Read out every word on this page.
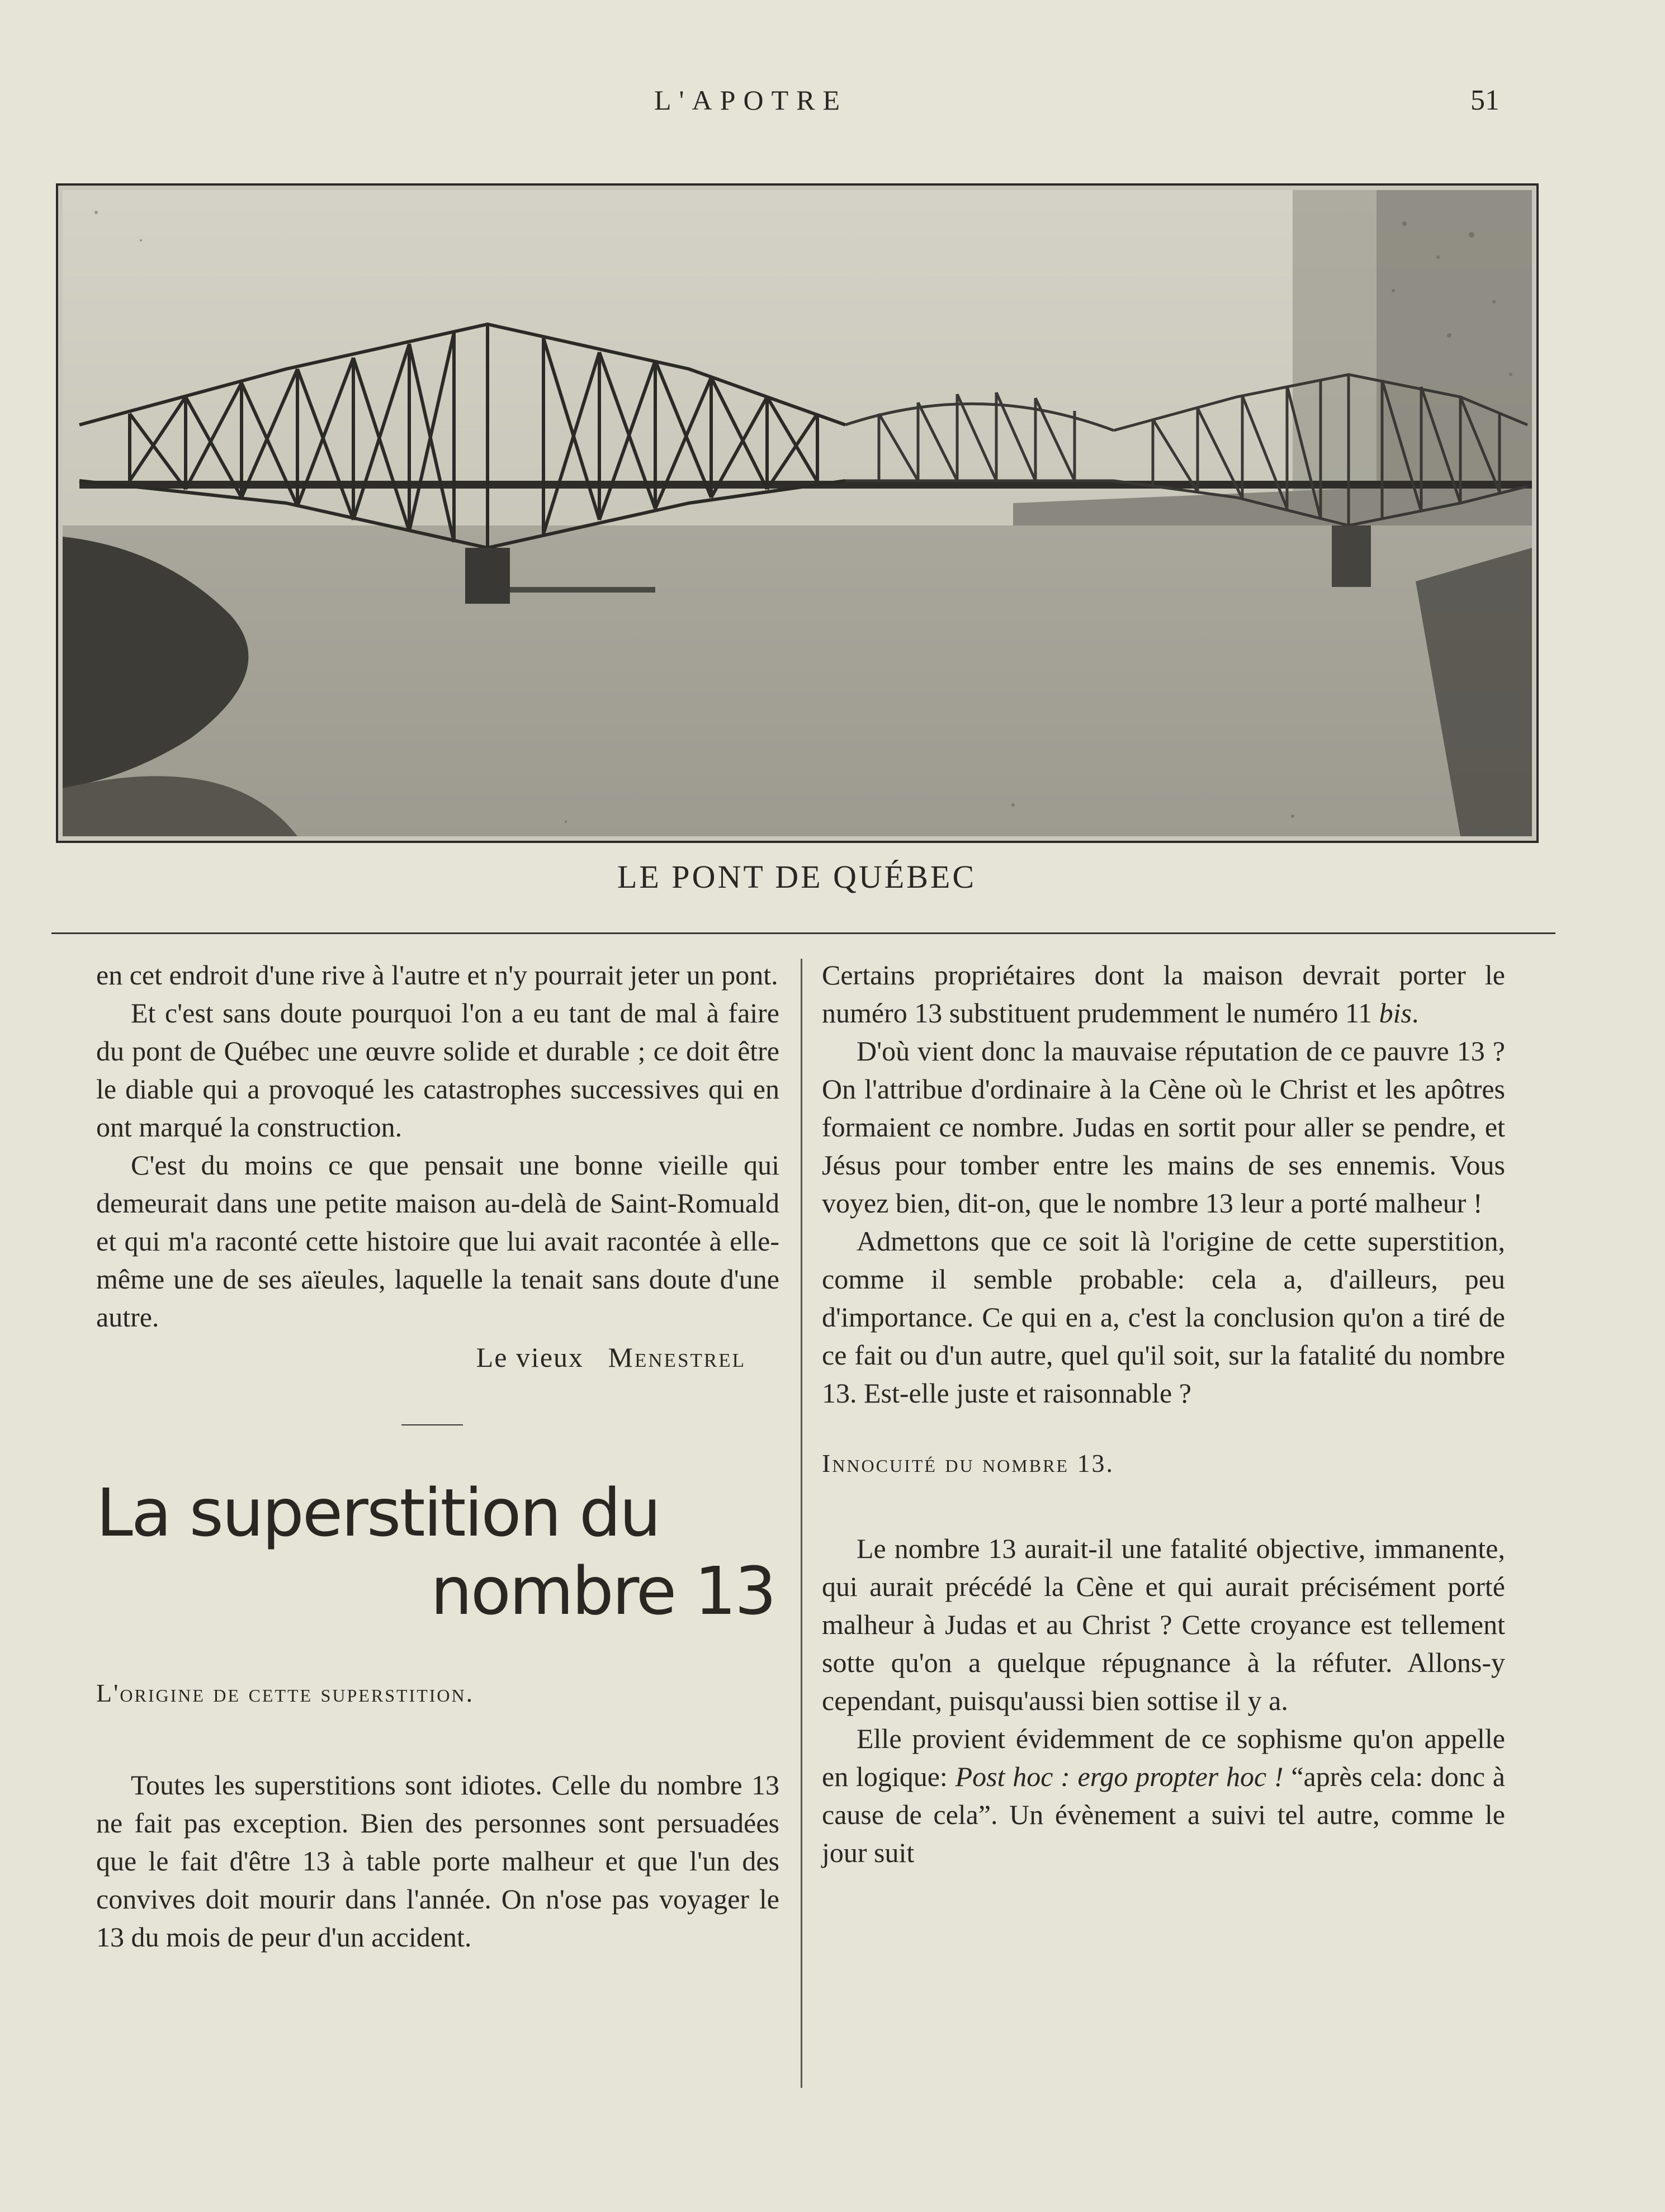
L'APOTRE	51
LE PONT DE QUÉBEC

en cet endroit d'une rive à l'autre et n'y pourrait jeter un pont.

Et c'est sans doute pourquoi l'on a eu tant de mal à faire du pont de Québec une œuvre solide et durable ; ce doit être le diable qui a provoqué les catastrophes successives qui en ont marqué la construction.

C'est du moins ce que pensait une bonne vieille qui demeurait dans une petite maison au-delà de Saint-Romuald et qui m'a raconté cette histoire que lui avait racontée à elle-même une de ses aïeules, laquelle la tenait sans doute d'une autre.

Le vieux Menestrel

La superstition du
nombre 13

L'origine de cette superstition.

Toutes les superstitions sont idiotes. Celle du nombre 13 ne fait pas exception. Bien des personnes sont persuadées que le fait d'être 13 à table porte malheur et que l'un des convives doit mourir dans l'année. On n'ose pas voyager le 13 du mois de peur d'un accident.

Certains propriétaires dont la maison devrait porter le numéro 13 substituent prudemment le numéro 11 bis.

D'où vient donc la mauvaise réputation de ce pauvre 13 ? On l'attribue d'ordinaire à la Cène où le Christ et les apôtres formaient ce nombre. Judas en sortit pour aller se pendre, et Jésus pour tomber entre les mains de ses ennemis. Vous voyez bien, dit-on, que le nombre 13 leur a porté malheur !

Admettons que ce soit là l'origine de cette superstition, comme il semble probable: cela a, d'ailleurs, peu d'importance. Ce qui en a, c'est la conclusion qu'on a tiré de ce fait ou d'un autre, quel qu'il soit, sur la fatalité du nombre 13. Est-elle juste et raisonnable ?

Innocuité du nombre 13.

Le nombre 13 aurait-il une fatalité objective, immanente, qui aurait précédé la Cène et qui aurait précisément porté malheur à Judas et au Christ ? Cette croyance est tellement sotte qu'on a quelque répugnance à la réfuter. Allons-y cependant, puisqu'aussi bien sottise il y a.

Elle provient évidemment de ce sophisme qu'on appelle en logique: Post hoc : ergo propter hoc ! “après cela: donc à cause de cela”. Un évènement a suivi tel autre, comme le jour suit
